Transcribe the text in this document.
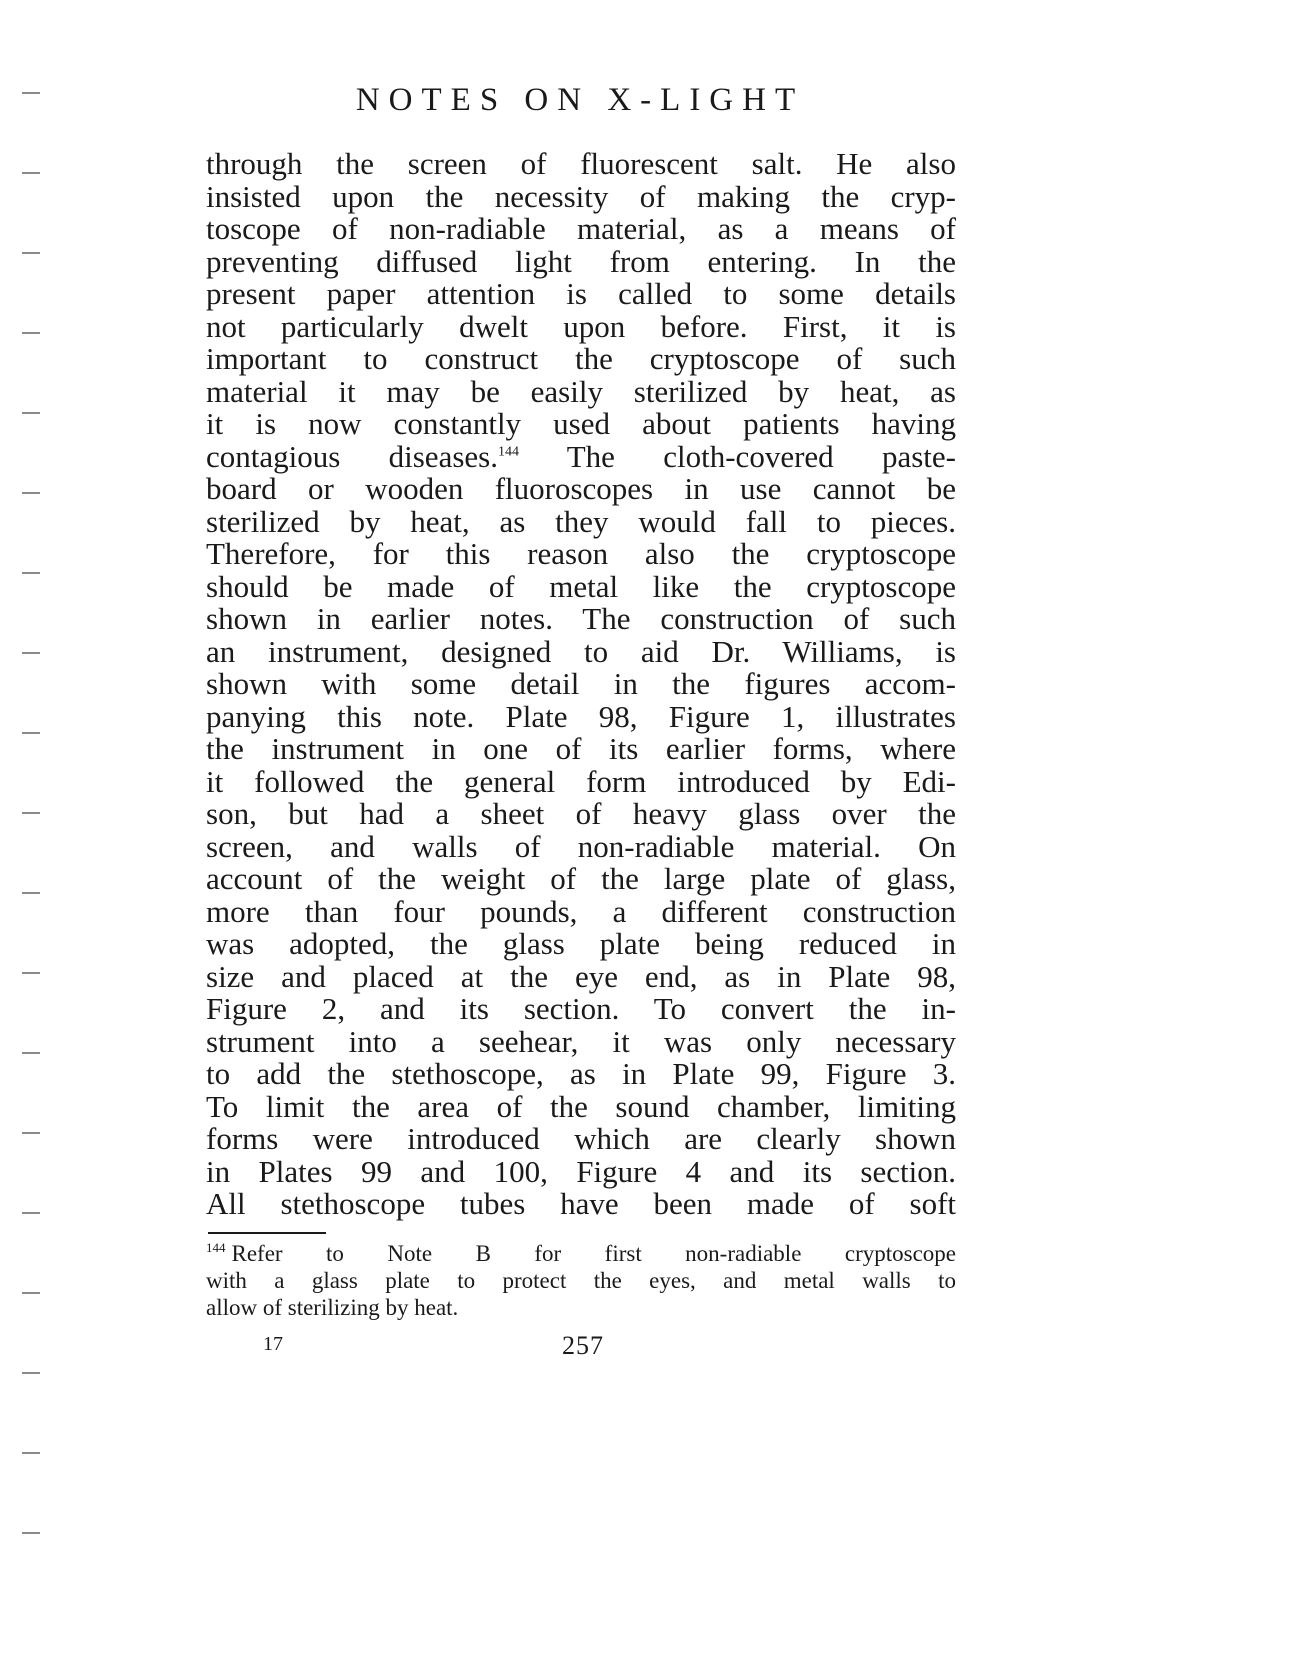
NOTES ON X-LIGHT
through the screen of fluorescent salt. He also
insisted upon the necessity of making the cryp-
toscope of non-radiable material, as a means of
preventing diffused light from entering. In the
present paper attention is called to some details
not particularly dwelt upon before. First, it is
important to construct the cryptoscope of such
material it may be easily sterilized by heat, as
it is now constantly used about patients having
contagious diseases.$^{144}$ The cloth-covered paste-
board or wooden fluoroscopes in use cannot be
sterilized by heat, as they would fall to pieces.
Therefore, for this reason also the cryptoscope
should be made of metal like the cryptoscope
shown in earlier notes. The construction of such
an instrument, designed to aid Dr. Williams, is
shown with some detail in the figures accom-
panying this note. Plate 98, Figure 1, illustrates
the instrument in one of its earlier forms, where
it followed the general form introduced by Edi-
son, but had a sheet of heavy glass over the
screen, and walls of non-radiable material. On
account of the weight of the large plate of glass,
more than four pounds, a different construction
was adopted, the glass plate being reduced in
size and placed at the eye end, as in Plate 98,
Figure 2, and its section. To convert the in-
strument into a seehear, it was only necessary
to add the stethoscope, as in Plate 99, Figure 3.
To limit the area of the sound chamber, limiting
forms were introduced which are clearly shown
in Plates 99 and 100, Figure 4 and its section.
All stethoscope tubes have been made of soft
$^{144}$ Refer to Note B for first non-radiable cryptoscope
with a glass plate to protect the eyes, and metal walls to
allow of sterilizing by heat.
17	257
